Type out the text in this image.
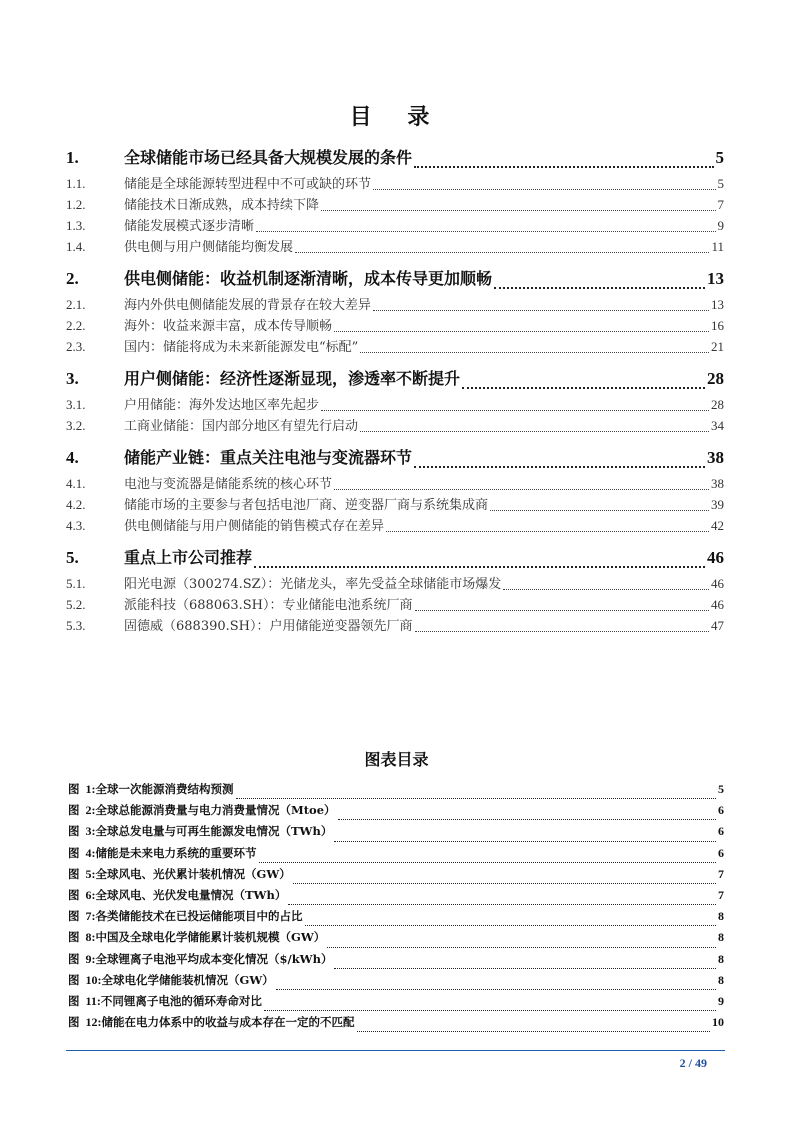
目 录
1.	全球储能市场已经具备大规模发展的条件	5
1.1.	储能是全球能源转型进程中不可或缺的环节	5
1.2.	储能技术日渐成熟，成本持续下降	7
1.3.	储能发展模式逐步清晰	9
1.4.	供电侧与用户侧储能均衡发展	11
2.	供电侧储能：收益机制逐渐清晰，成本传导更加顺畅	13
2.1.	海内外供电侧储能发展的背景存在较大差异	13
2.2.	海外：收益来源丰富，成本传导顺畅	16
2.3.	国内：储能将成为未来新能源发电“标配”	21
3.	用户侧储能：经济性逐渐显现，渗透率不断提升	28
3.1.	户用储能：海外发达地区率先起步	28
3.2.	工商业储能：国内部分地区有望先行启动	34
4.	储能产业链：重点关注电池与变流器环节	38
4.1.	电池与变流器是储能系统的核心环节	38
4.2.	储能市场的主要参与者包括电池厂商、逆变器厂商与系统集成商	39
4.3.	供电侧储能与用户侧储能的销售模式存在差异	42
5.	重点上市公司推荐	46
5.1.	阳光电源（300274.SZ）：光储龙头，率先受益全球储能市场爆发	46
5.2.	派能科技（688063.SH）：专业储能电池系统厂商	46
5.3.	固德威（688390.SH）：户用储能逆变器领先厂商	47
图表目录
图 1: 全球一次能源消费结构预测	5
图 2: 全球总能源消费量与电力消费量情况（Mtoe）	6
图 3: 全球总发电量与可再生能源发电情况（TWh）	6
图 4: 储能是未来电力系统的重要环节	6
图 5: 全球风电、光伏累计装机情况（GW）	7
图 6: 全球风电、光伏发电量情况（TWh）	7
图 7: 各类储能技术在已投运储能项目中的占比	8
图 8: 中国及全球电化学储能累计装机规模（GW）	8
图 9: 全球锂离子电池平均成本变化情况（$/kWh）	8
图 10: 全球电化学储能装机情况（GW）	8
图 11: 不同锂离子电池的循环寿命对比	9
图 12: 储能在电力体系中的收益与成本存在一定的不匹配	10
2 / 49
